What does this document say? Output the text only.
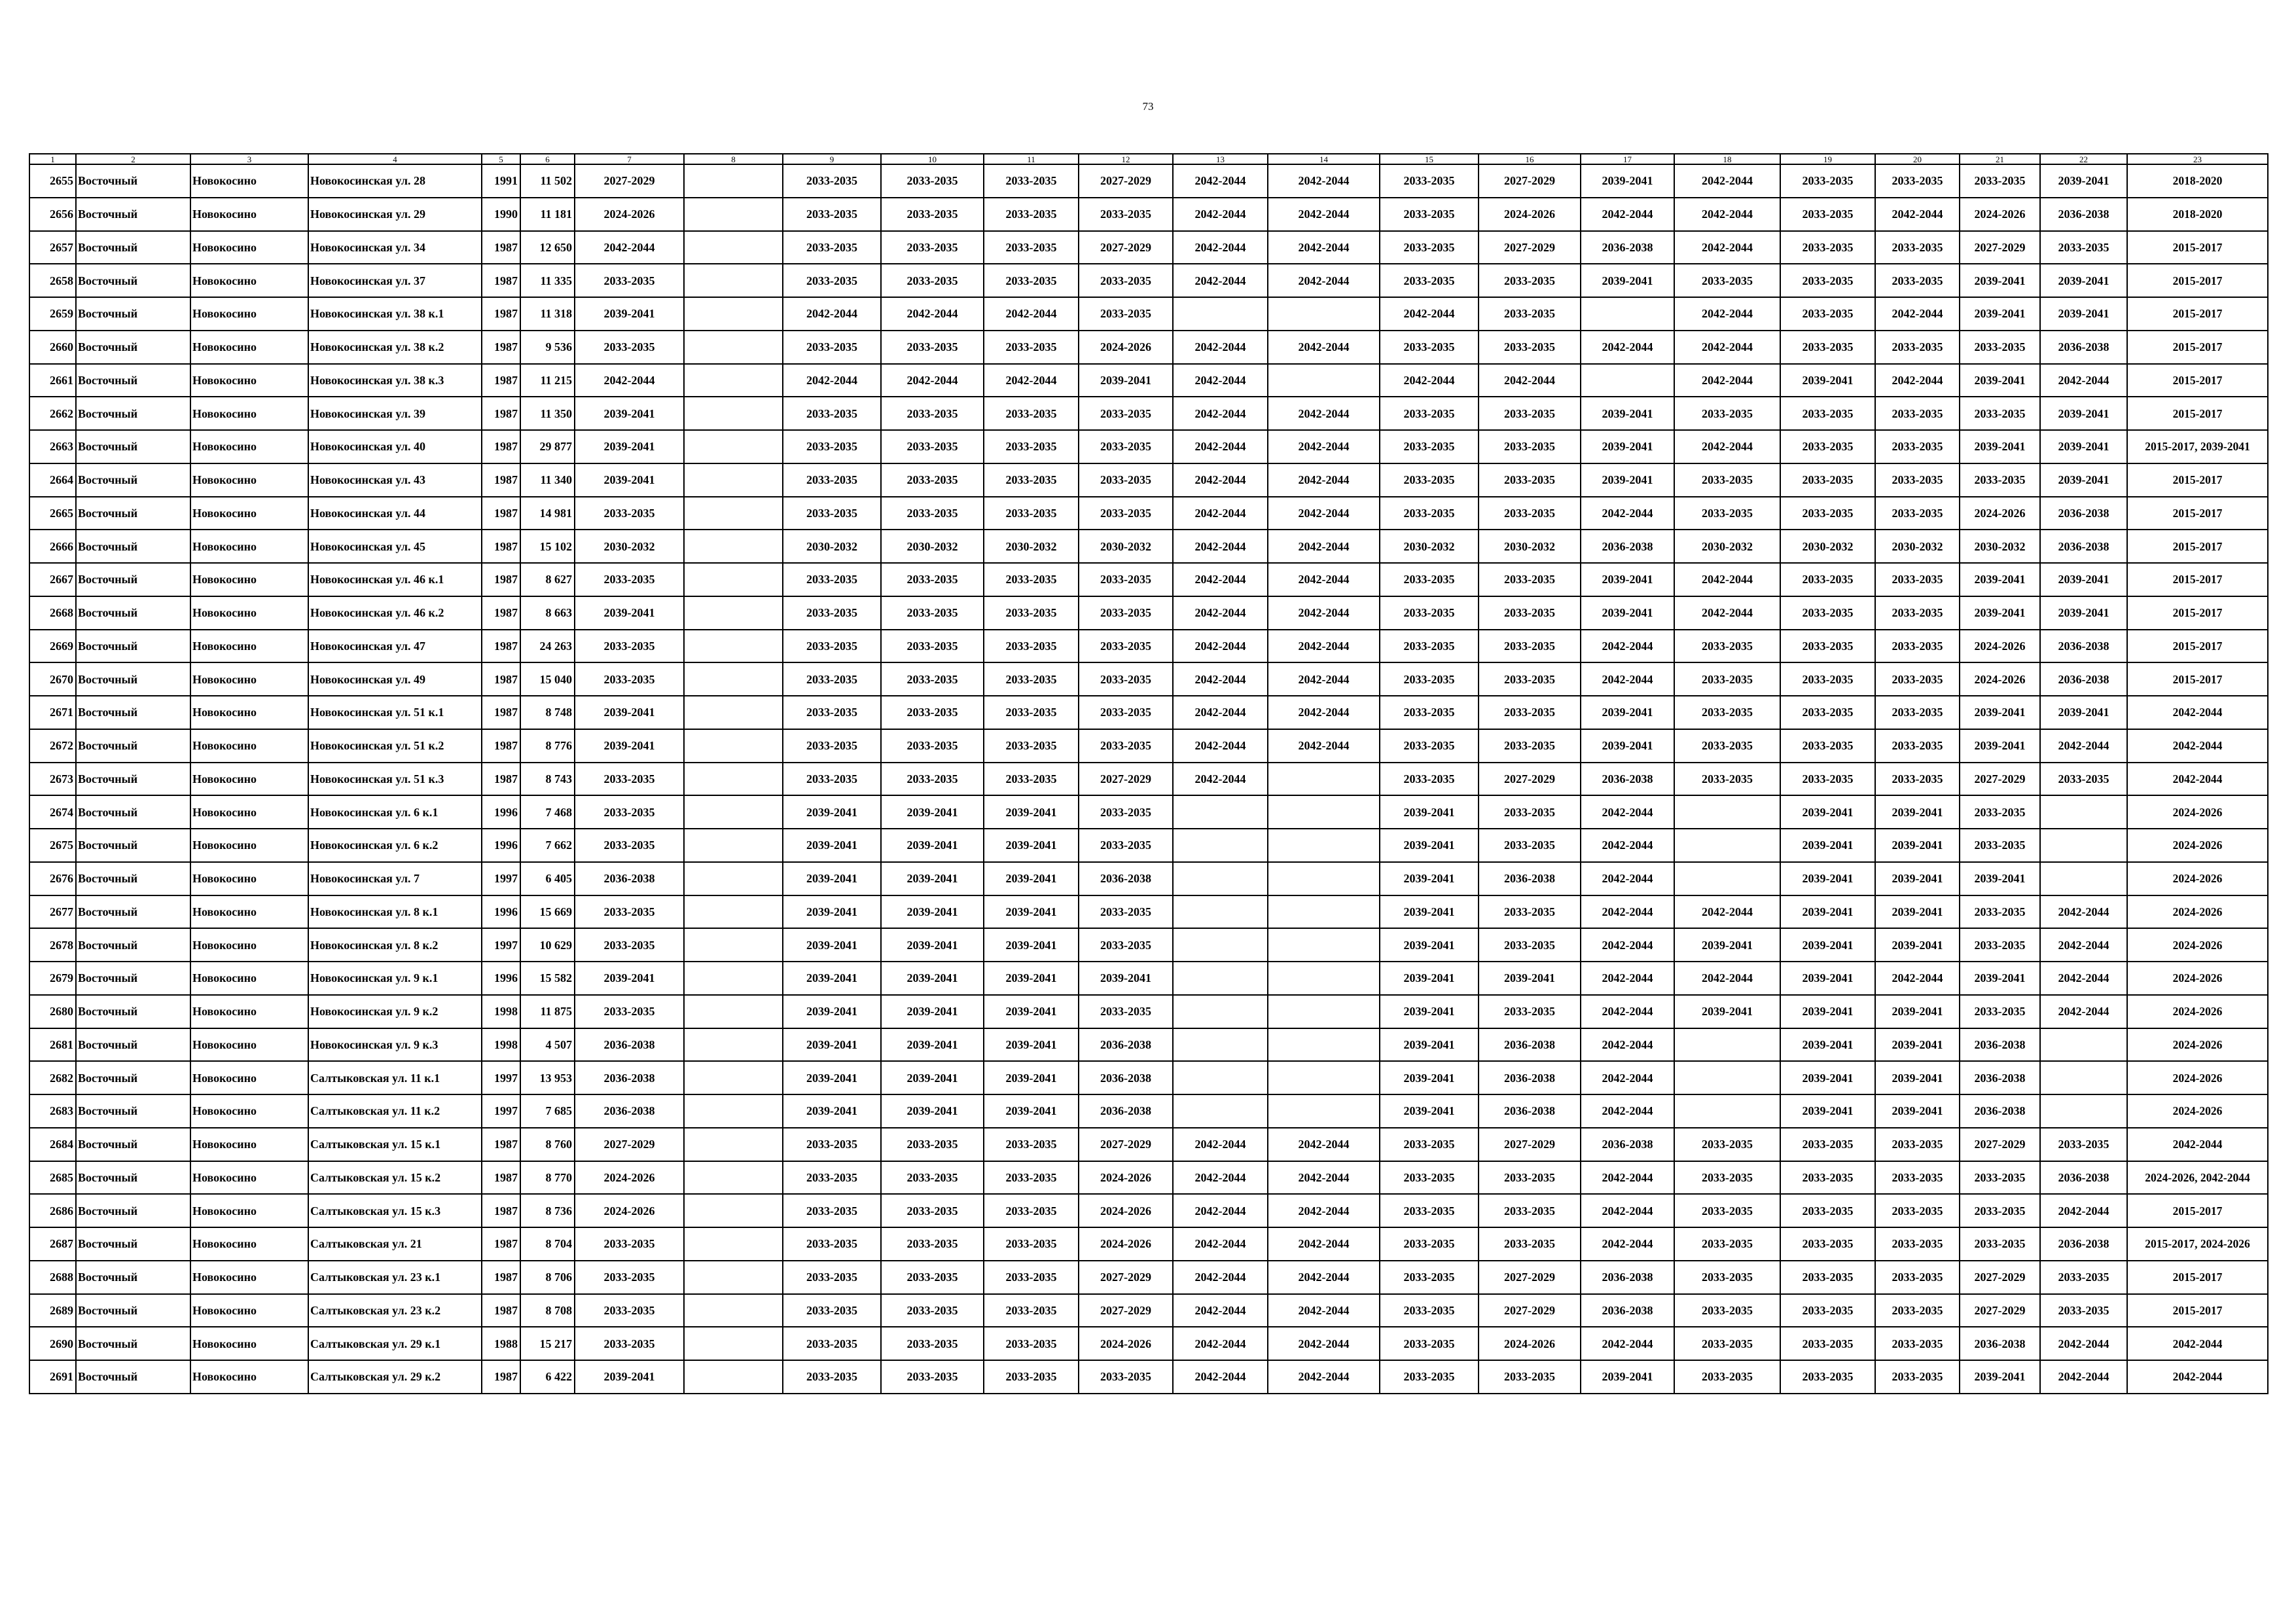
73
1	2	3	4	5	6	7	8	9	10	11	12	13	14	15	16	17	18	19	20	21	22	23
2655	Восточный	Новокосино	Новокосинская ул. 28	1991	11 502	2027-2029		2033-2035	2033-2035	2033-2035	2027-2029	2042-2044	2042-2044	2033-2035	2027-2029	2039-2041	2042-2044	2033-2035	2033-2035	2033-2035	2039-2041	2018-2020
2656	Восточный	Новокосино	Новокосинская ул. 29	1990	11 181	2024-2026		2033-2035	2033-2035	2033-2035	2033-2035	2042-2044	2042-2044	2033-2035	2024-2026	2042-2044	2042-2044	2033-2035	2042-2044	2024-2026	2036-2038	2018-2020
2657	Восточный	Новокосино	Новокосинская ул. 34	1987	12 650	2042-2044		2033-2035	2033-2035	2033-2035	2027-2029	2042-2044	2042-2044	2033-2035	2027-2029	2036-2038	2042-2044	2033-2035	2033-2035	2027-2029	2033-2035	2015-2017
2658	Восточный	Новокосино	Новокосинская ул. 37	1987	11 335	2033-2035		2033-2035	2033-2035	2033-2035	2033-2035	2042-2044	2042-2044	2033-2035	2033-2035	2039-2041	2033-2035	2033-2035	2033-2035	2039-2041	2039-2041	2015-2017
2659	Восточный	Новокосино	Новокосинская ул. 38 к.1	1987	11 318	2039-2041		2042-2044	2042-2044	2042-2044	2033-2035			2042-2044	2033-2035		2042-2044	2033-2035	2042-2044	2039-2041	2039-2041	2015-2017
2660	Восточный	Новокосино	Новокосинская ул. 38 к.2	1987	9 536	2033-2035		2033-2035	2033-2035	2033-2035	2024-2026	2042-2044	2042-2044	2033-2035	2033-2035	2042-2044	2042-2044	2033-2035	2033-2035	2033-2035	2036-2038	2015-2017
2661	Восточный	Новокосино	Новокосинская ул. 38 к.3	1987	11 215	2042-2044		2042-2044	2042-2044	2042-2044	2039-2041	2042-2044		2042-2044	2042-2044		2042-2044	2039-2041	2042-2044	2039-2041	2042-2044	2015-2017
2662	Восточный	Новокосино	Новокосинская ул. 39	1987	11 350	2039-2041		2033-2035	2033-2035	2033-2035	2033-2035	2042-2044	2042-2044	2033-2035	2033-2035	2039-2041	2033-2035	2033-2035	2033-2035	2033-2035	2039-2041	2015-2017
2663	Восточный	Новокосино	Новокосинская ул. 40	1987	29 877	2039-2041		2033-2035	2033-2035	2033-2035	2033-2035	2042-2044	2042-2044	2033-2035	2033-2035	2039-2041	2042-2044	2033-2035	2033-2035	2039-2041	2039-2041	2015-2017, 2039-2041
2664	Восточный	Новокосино	Новокосинская ул. 43	1987	11 340	2039-2041		2033-2035	2033-2035	2033-2035	2033-2035	2042-2044	2042-2044	2033-2035	2033-2035	2039-2041	2033-2035	2033-2035	2033-2035	2033-2035	2039-2041	2015-2017
2665	Восточный	Новокосино	Новокосинская ул. 44	1987	14 981	2033-2035		2033-2035	2033-2035	2033-2035	2033-2035	2042-2044	2042-2044	2033-2035	2033-2035	2042-2044	2033-2035	2033-2035	2033-2035	2024-2026	2036-2038	2015-2017
2666	Восточный	Новокосино	Новокосинская ул. 45	1987	15 102	2030-2032		2030-2032	2030-2032	2030-2032	2030-2032	2042-2044	2042-2044	2030-2032	2030-2032	2036-2038	2030-2032	2030-2032	2030-2032	2030-2032	2036-2038	2015-2017
2667	Восточный	Новокосино	Новокосинская ул. 46 к.1	1987	8 627	2033-2035		2033-2035	2033-2035	2033-2035	2033-2035	2042-2044	2042-2044	2033-2035	2033-2035	2039-2041	2042-2044	2033-2035	2033-2035	2039-2041	2039-2041	2015-2017
2668	Восточный	Новокосино	Новокосинская ул. 46 к.2	1987	8 663	2039-2041		2033-2035	2033-2035	2033-2035	2033-2035	2042-2044	2042-2044	2033-2035	2033-2035	2039-2041	2042-2044	2033-2035	2033-2035	2039-2041	2039-2041	2015-2017
2669	Восточный	Новокосино	Новокосинская ул. 47	1987	24 263	2033-2035		2033-2035	2033-2035	2033-2035	2033-2035	2042-2044	2042-2044	2033-2035	2033-2035	2042-2044	2033-2035	2033-2035	2033-2035	2024-2026	2036-2038	2015-2017
2670	Восточный	Новокосино	Новокосинская ул. 49	1987	15 040	2033-2035		2033-2035	2033-2035	2033-2035	2033-2035	2042-2044	2042-2044	2033-2035	2033-2035	2042-2044	2033-2035	2033-2035	2033-2035	2024-2026	2036-2038	2015-2017
2671	Восточный	Новокосино	Новокосинская ул. 51 к.1	1987	8 748	2039-2041		2033-2035	2033-2035	2033-2035	2033-2035	2042-2044	2042-2044	2033-2035	2033-2035	2039-2041	2033-2035	2033-2035	2033-2035	2039-2041	2039-2041	2042-2044
2672	Восточный	Новокосино	Новокосинская ул. 51 к.2	1987	8 776	2039-2041		2033-2035	2033-2035	2033-2035	2033-2035	2042-2044	2042-2044	2033-2035	2033-2035	2039-2041	2033-2035	2033-2035	2033-2035	2039-2041	2042-2044	2042-2044
2673	Восточный	Новокосино	Новокосинская ул. 51 к.3	1987	8 743	2033-2035		2033-2035	2033-2035	2033-2035	2027-2029	2042-2044		2033-2035	2027-2029	2036-2038	2033-2035	2033-2035	2033-2035	2027-2029	2033-2035	2042-2044
2674	Восточный	Новокосино	Новокосинская ул. 6 к.1	1996	7 468	2033-2035		2039-2041	2039-2041	2039-2041	2033-2035			2039-2041	2033-2035	2042-2044		2039-2041	2039-2041	2033-2035		2024-2026
2675	Восточный	Новокосино	Новокосинская ул. 6 к.2	1996	7 662	2033-2035		2039-2041	2039-2041	2039-2041	2033-2035			2039-2041	2033-2035	2042-2044		2039-2041	2039-2041	2033-2035		2024-2026
2676	Восточный	Новокосино	Новокосинская ул. 7	1997	6 405	2036-2038		2039-2041	2039-2041	2039-2041	2036-2038			2039-2041	2036-2038	2042-2044		2039-2041	2039-2041	2039-2041		2024-2026
2677	Восточный	Новокосино	Новокосинская ул. 8 к.1	1996	15 669	2033-2035		2039-2041	2039-2041	2039-2041	2033-2035			2039-2041	2033-2035	2042-2044	2042-2044	2039-2041	2039-2041	2033-2035	2042-2044	2024-2026
2678	Восточный	Новокосино	Новокосинская ул. 8 к.2	1997	10 629	2033-2035		2039-2041	2039-2041	2039-2041	2033-2035			2039-2041	2033-2035	2042-2044	2039-2041	2039-2041	2039-2041	2033-2035	2042-2044	2024-2026
2679	Восточный	Новокосино	Новокосинская ул. 9 к.1	1996	15 582	2039-2041		2039-2041	2039-2041	2039-2041	2039-2041			2039-2041	2039-2041	2042-2044	2042-2044	2039-2041	2042-2044	2039-2041	2042-2044	2024-2026
2680	Восточный	Новокосино	Новокосинская ул. 9 к.2	1998	11 875	2033-2035		2039-2041	2039-2041	2039-2041	2033-2035			2039-2041	2033-2035	2042-2044	2039-2041	2039-2041	2039-2041	2033-2035	2042-2044	2024-2026
2681	Восточный	Новокосино	Новокосинская ул. 9 к.3	1998	4 507	2036-2038		2039-2041	2039-2041	2039-2041	2036-2038			2039-2041	2036-2038	2042-2044		2039-2041	2039-2041	2036-2038		2024-2026
2682	Восточный	Новокосино	Салтыковская ул. 11 к.1	1997	13 953	2036-2038		2039-2041	2039-2041	2039-2041	2036-2038			2039-2041	2036-2038	2042-2044		2039-2041	2039-2041	2036-2038		2024-2026
2683	Восточный	Новокосино	Салтыковская ул. 11 к.2	1997	7 685	2036-2038		2039-2041	2039-2041	2039-2041	2036-2038			2039-2041	2036-2038	2042-2044		2039-2041	2039-2041	2036-2038		2024-2026
2684	Восточный	Новокосино	Салтыковская ул. 15 к.1	1987	8 760	2027-2029		2033-2035	2033-2035	2033-2035	2027-2029	2042-2044	2042-2044	2033-2035	2027-2029	2036-2038	2033-2035	2033-2035	2033-2035	2027-2029	2033-2035	2042-2044
2685	Восточный	Новокосино	Салтыковская ул. 15 к.2	1987	8 770	2024-2026		2033-2035	2033-2035	2033-2035	2024-2026	2042-2044	2042-2044	2033-2035	2033-2035	2042-2044	2033-2035	2033-2035	2033-2035	2033-2035	2036-2038	2024-2026, 2042-2044
2686	Восточный	Новокосино	Салтыковская ул. 15 к.3	1987	8 736	2024-2026		2033-2035	2033-2035	2033-2035	2024-2026	2042-2044	2042-2044	2033-2035	2033-2035	2042-2044	2033-2035	2033-2035	2033-2035	2033-2035	2042-2044	2015-2017
2687	Восточный	Новокосино	Салтыковская ул. 21	1987	8 704	2033-2035		2033-2035	2033-2035	2033-2035	2024-2026	2042-2044	2042-2044	2033-2035	2033-2035	2042-2044	2033-2035	2033-2035	2033-2035	2033-2035	2036-2038	2015-2017, 2024-2026
2688	Восточный	Новокосино	Салтыковская ул. 23 к.1	1987	8 706	2033-2035		2033-2035	2033-2035	2033-2035	2027-2029	2042-2044	2042-2044	2033-2035	2027-2029	2036-2038	2033-2035	2033-2035	2033-2035	2027-2029	2033-2035	2015-2017
2689	Восточный	Новокосино	Салтыковская ул. 23 к.2	1987	8 708	2033-2035		2033-2035	2033-2035	2033-2035	2027-2029	2042-2044	2042-2044	2033-2035	2027-2029	2036-2038	2033-2035	2033-2035	2033-2035	2027-2029	2033-2035	2015-2017
2690	Восточный	Новокосино	Салтыковская ул. 29 к.1	1988	15 217	2033-2035		2033-2035	2033-2035	2033-2035	2024-2026	2042-2044	2042-2044	2033-2035	2024-2026	2042-2044	2033-2035	2033-2035	2033-2035	2036-2038	2042-2044	2042-2044
2691	Восточный	Новокосино	Салтыковская ул. 29 к.2	1987	6 422	2039-2041		2033-2035	2033-2035	2033-2035	2033-2035	2042-2044	2042-2044	2033-2035	2033-2035	2039-2041	2033-2035	2033-2035	2033-2035	2039-2041	2042-2044	2042-2044
